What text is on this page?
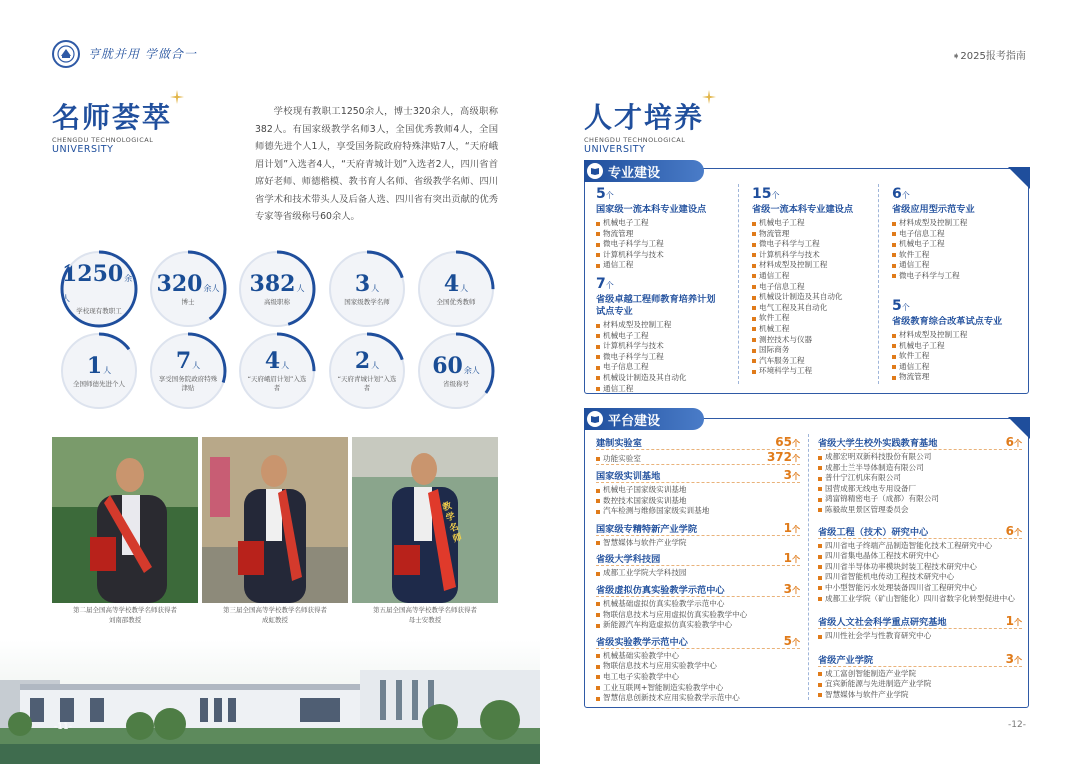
亨肬并用 学做合一
名师荟萃
CHENGDU TECHNOLOGICAL
UNIVERSITY
学校现有教职工1250余人，博士320余人，高级职称382人。有国家级教学名师3人，全国优秀教师4人，全国师德先进个人1人，享受国务院政府特殊津贴7人，“天府峨眉计划”入选者4人，“天府青城计划”入选者2人，四川省首席好老师、师德楷模、教书育人名师、省级教学名师、四川省学术和技术带头人及后备人选、四川省有突出贡献的优秀专家等省级称号60余人。
1250余人
学校现有教职工
320余人
博士
382人
高级职称
3人
国家级教学名师
4人
全国优秀教师
1人
全国师德先进个人
7人
享受国务院政府特殊津贴
4人
“天府峨眉计划”入选者
2人
“天府青城计划”入选者
60余人
省级称号
教学名师
第二届全国高等学校教学名师获得者
刘南邵教授
第三届全国高等学校教学名师获得者
成虹教授
第五届全国高等学校教学名师获得者
母士安教授
-11-
➧2025报考指南
人才培养
CHENGDU TECHNOLOGICAL
UNIVERSITY
专业建设
5个
国家级一流本科专业建设点
机械电子工程
物流管理
微电子科学与工程
计算机科学与技术
通信工程
7个
省级卓越工程师教育培养计划试点专业
材料成型及控制工程
机械电子工程
计算机科学与技术
微电子科学与工程
电子信息工程
机械设计制造及其自动化
通信工程
15个
省级一流本科专业建设点
机械电子工程
物流管理
微电子科学与工程
计算机科学与技术
材料成型及控制工程
通信工程
电子信息工程
机械设计制造及其自动化
电气工程及其自动化
软件工程
机械工程
测控技术与仪器
国际商务
汽车服务工程
环境科学与工程
6个
省级应用型示范专业
材料成型及控制工程
电子信息工程
机械电子工程
软件工程
通信工程
微电子科学与工程
5个
省级教育综合改革试点专业
材料成型及控制工程
机械电子工程
软件工程
通信工程
物流管理
平台建设
建制实验室	65个
功能实验室	372个
国家级实训基地	3个
机械电子国家级实训基地
数控技术国家级实训基地
汽车检测与维修国家级实训基地
国家级专精特新产业学院	1个
智慧媒体与软件产业学院
省级大学科技园	1个
成都工业学院大学科技园
省级虚拟仿真实验教学示范中心	3个
机械基础虚拟仿真实验教学示范中心
物联信息技术与应用虚拟仿真实验教学中心
新能源汽车构造虚拟仿真实验教学中心
省级实验教学示范中心	5个
机械基础实验教学中心
物联信息技术与应用实验教学中心
电工电子实验教学中心
工业互联网+智能制造实验教学中心
智慧信息创新技术应用实验教学示范中心
省级大学生校外实践教育基地	6个
成都宏明双新科技股份有限公司
成都士兰半导体制造有限公司
普什宁江机床有限公司
国营成都无线电专用设备厂
鸿富锦精密电子（成都）有限公司
陈毅故里景区管理委员会
省级工程（技术）研究中心	6个
四川省电子终端产品制造智能化技术工程研究中心
四川省集电晶体工程技术研究中心
四川省半导体功率模块封装工程技术研究中心
四川省智能机电传动工程技术研究中心
中小型智能污水处理装备四川省工程研究中心
成都工业学院（矿山智能化）四川省数字化转型促进中心
省级人文社会科学重点研究基地	1个
四川性社会学与性教育研究中心
省级产业学院	3个
成工富创智能制造产业学院
宜宾新能源与先进制造产业学院
智慧媒体与软件产业学院
-12-
